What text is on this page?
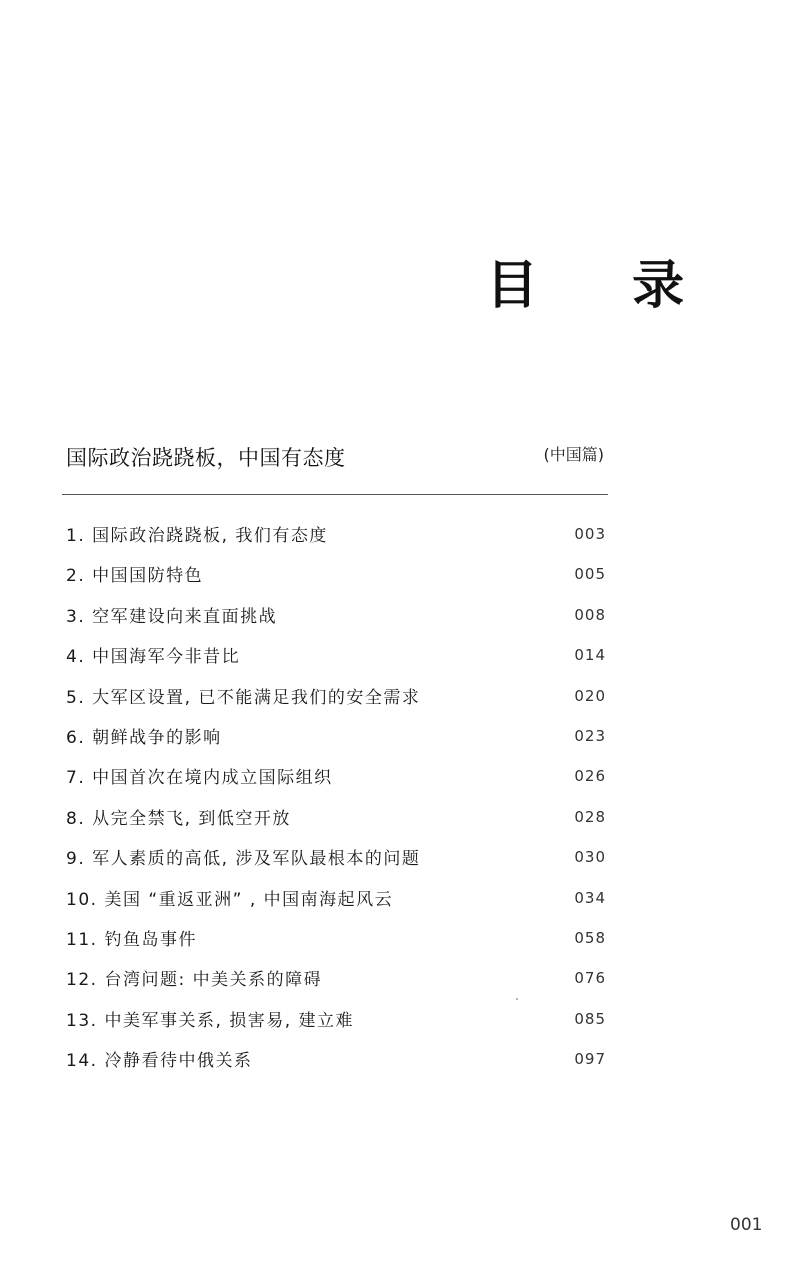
目 录
国际政治跷跷板，中国有态度	(中国篇)
1. 国际政治跷跷板, 我们有态度	003
2. 中国国防特色	005
3. 空军建设向来直面挑战	008
4. 中国海军今非昔比	014
5. 大军区设置, 已不能满足我们的安全需求	020
6. 朝鲜战争的影响	023
7. 中国首次在境内成立国际组织	026
8. 从完全禁飞, 到低空开放	028
9. 军人素质的高低, 涉及军队最根本的问题	030
10. 美国 “重返亚洲” , 中国南海起风云	034
11. 钓鱼岛事件	058
12. 台湾问题: 中美关系的障碍	076
13. 中美军事关系, 损害易, 建立难	085
14. 冷静看待中俄关系	097
001
